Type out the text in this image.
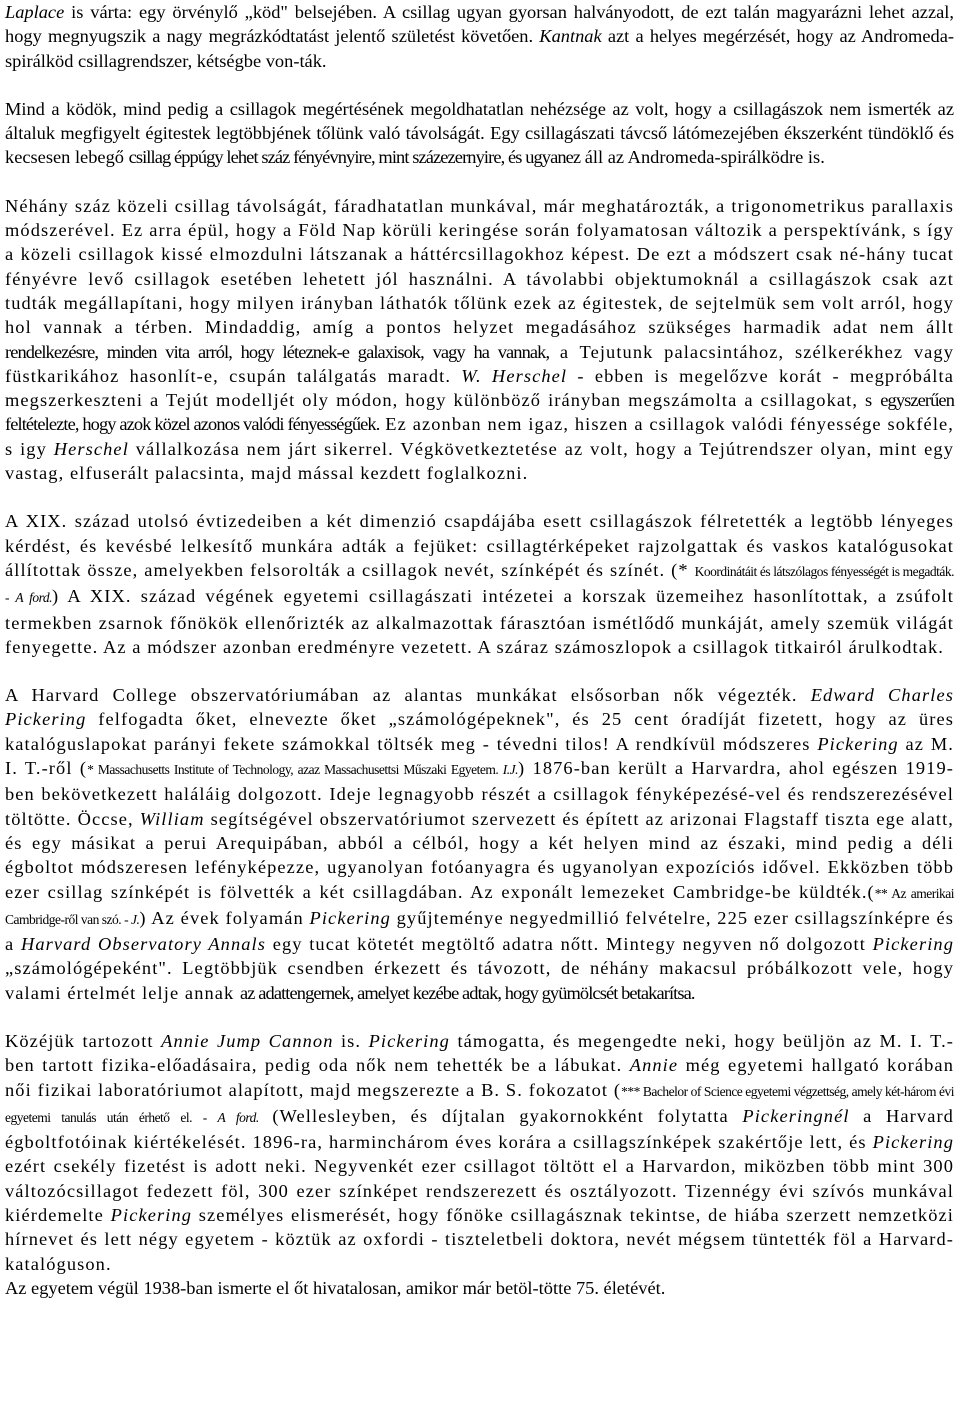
Laplace is vártа: egy örvénylő „köd" belsejében. A csillag ugyan gyorsan halványodott, de ezt talán magyarázni lehet azzal, hogy megnyugszik a nagy megrázkódtatást jelentő születést követően. Kantnak azt a helyes megérzését, hogy az Andromeda-spirálköd csillagrendszer, kétségbe von-ták.

Mind a ködök, mind pedig a csillagok megértésének megoldhatatlan nehézsége az volt, hogy a csillagászok nem ismerték az általuk megfigyelt égitestek legtöbbjének tőlünk való távolságát. Egy csillagászati távcső látómezejében ékszerként tündöklő és kecsesen lebegő csillag éppúgy lehet száz fényévnyire, mint százezernyire, és ugyanez áll az Andromeda-spirálködre is.

Néhány száz közeli csillag távolságát, fáradhatatlan munkával, már meghatározták, a trigonometrikus parallaxis módszerével. Ez arra épül, hogy a Föld Nap körüli keringése során folyamatosan változik a perspektívánk, s így a közeli csillagok kissé elmozdulni látszanak a háttércsillagokhoz képest. De ezt a módszert csak né-hány tucat fényévre levő csillagok esetében lehetett jól használni. A távolabbi objektumoknál a csillagászok csak azt tudták megállapítani, hogy milyen irányban láthatók tőlünk ezek az égitestek, de sejtelmük sem volt arról, hogy hol vannak a térben. Mindaddig, amíg a pontos helyzet megadásához szükséges harmadik adat nem állt rendelkezésre, minden vita arról, hogy léteznek-e galaxisok, vagy ha vannak, a Tejutunk palacsintához, szélkerékhez vagy füstkarikához hasonlít-e, csupán találgatás maradt. W. Herschel - ebben is megelőzve korát - megpróbálta megszerkeszteni a Tejút modelljét oly módon, hogy különböző irányban megszámolta a csillagokat, s egyszerűen feltételezte, hogy azok közel azonos valódi fényességűek. Ez azonban nem igaz, hiszen a csillagok valódi fényessége sokféle, s igy Herschel vállalkozása nem járt sikerrel. Végkövetkeztetése az volt, hogy a Tejútrendszer olyan, mint egy vastag, elfuserált palacsinta, majd mással kezdett foglalkozni.

A XIX. század utolsó évtizedeiben a két dimenzió csapdájába esett csillagászok félretették a legtöbb lényeges kérdést, és kevésbé lelkesítő munkára adták a fejüket: csillagtérképeket rajzolgattak és vaskos katalógusokat állítottak össze, amelyekben felsorolták a csillagok nevét, színképét és színét. (* Koordinátáit és látszólagos fényességét is megadták. - A ford.) A XIX. század végének egyetemi csillagászati intézetei a korszak üzemeihez hasonlítottak, a zsúfolt termekben zsarnok főnökök ellenőrizték az alkalmazottak fárasztóan ismétlődő munkáját, amely szemük világát fenyegette. Az a módszer azonban eredményre vezetett. A száraz számoszlopok a csillagok titkairól árulkodtak.

A Harvard College obszervatóriumában az alantas munkákat elsősorban nők végezték. Edward Charles Pickering felfogadta őket, elnevezte őket „számológépeknek", és 25 cent óradíját fizetett, hogy az üres katalóguslapokat parányi fekete számokkal töltsék meg - tévedni tilos! A rendkívül módszeres Pickering az M. I. T.-ről (* Massachusetts Institute of Technology, azaz Massachusettsi Műszaki Egyetem. I.J.) 1876-ban került a Harvardra, ahol egészen 1919-ben bekövetkezett haláláig dolgozott. Ideje legnagyobb részét a csillagok fényképezésé-vel és rendszerezésével töltötte. Öccse, William segítségével obszervatóriumot szervezett és épített az arizonai Flagstaff tiszta ege alatt, és egy másikat a perui Arequipában, abból a célból, hogy a két helyen mind az északi, mind pedig a déli égboltot módszeresen lefényképezze, ugyanolyan fotóanyagra és ugyanolyan expozíciós idővel. Ekközben több ezer csillag színképét is fölvették a két csillagdában. Az exponált lemezeket Cambridge-be küldték.(** Az amerikai Cambridge-ről van szó. - J.) Az évek folyamán Pickering gyűjteménye negyedmillió felvételre, 225 ezer csillagszínképre és a Harvard Observatory Annals egy tucat kötetét megtöltő adatra nőtt. Mintegy negyven nő dolgozott Pickering „számológépeként". Legtöbbjük csendben érkezett és távozott, de néhány makacsul próbálkozott vele, hogy valami értelmét lelje annak az adattengernek, amelyet kezébe adtak, hogy gyümölcsét betakarítsa.

Közéjük tartozott Annie Jump Cannon is. Pickering támogatta, és megengedte neki, hogy beüljön az M. I. T.-ben tartott fizika-előadásaira, pedig oda nők nem tehették be a lábukat. Annie még egyetemi hallgató korában női fizikai laboratóriumot alapított, majd megszerezte a B. S. fokozatot (*** Bachelor of Science egyetemi végzettség, amely két-három évi egyetemi tanulás után érhető el. - A ford. (Wellesleyben, és díjtalan gyakornokként folytatta Pickeringnél a Harvard égboltfotóinak kiértékelését. 1896-ra, harminchárom éves korára a csillagszínképek szakértője lett, és Pickering ezért csekély fizetést is adott neki. Negyvenkét ezer csillagot töltött el a Harvardon, miközben több mint 300 változócsillagot fedezett föl, 300 ezer színképet rendszerezett és osztályozott. Tizennégy évi szívós munkával kiérdemelte Pickering személyes elismerését, hogy főnöke csillagásznak tekintse, de hiába szerzett nemzetközi hírnevet és lett négy egyetem - köztük az oxfordi - tiszteletbeli doktora, nevét mégsem tüntették föl a Harvard-katalóguson.

Az egyetem végül 1938-ban ismerte el őt hivatalosan, amikor már betöl-tötte 75. életévét.
